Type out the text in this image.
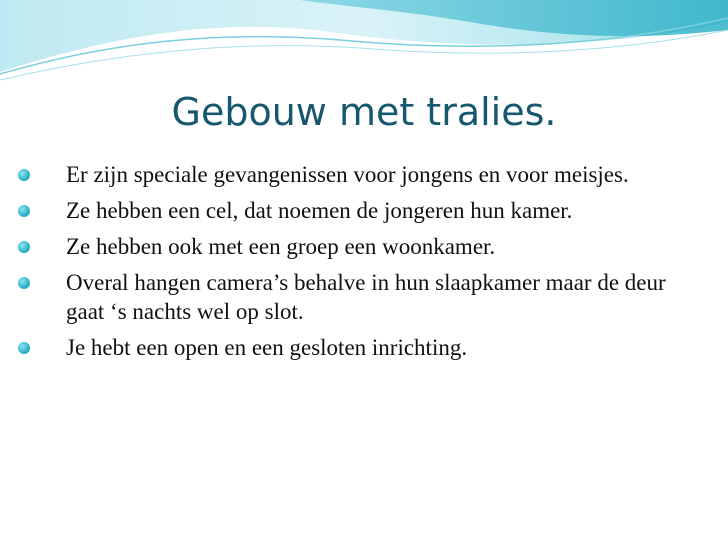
Gebouw met tralies.
Er zijn speciale gevangenissen voor jongens en voor meisjes.
Ze hebben een cel, dat noemen de jongeren hun kamer.
Ze hebben ook met een groep een woonkamer.
Overal hangen camera’s behalve in hun slaapkamer maar de deur gaat ‘s nachts wel op slot.
Je hebt een open en een gesloten inrichting.
